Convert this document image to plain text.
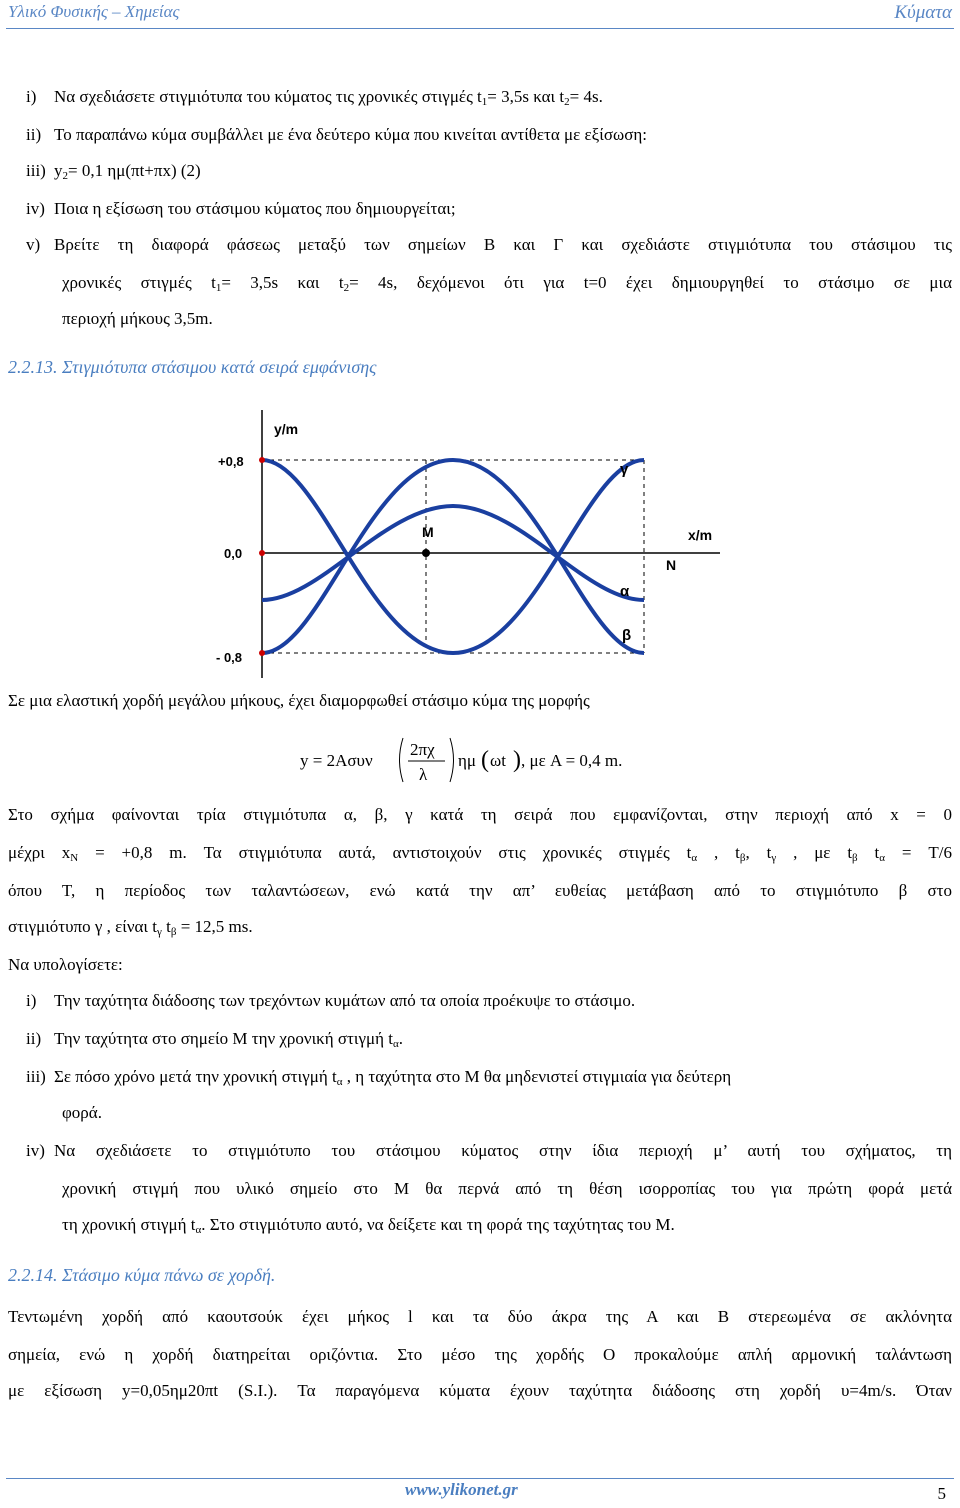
Υλικό Φυσικής – Χημείας	Κύματα
i) Να σχεδιάσετε στιγμιότυπα του κύματος τις χρονικές στιγμές $t_1= 3,5s$ και $t_2= 4s$.
ii) Το παραπάνω κύμα συμβάλλει με ένα δεύτερο κύμα που κινείται αντίθετα με εξίσωση:
iii) $y_2= 0,1$ ημ(πt+πx) (2)
iv) Ποια η εξίσωση του στάσιμου κύματος που δημιουργείται;
v) Βρείτε τη διαφορά φάσεως μεταξύ των σημείων Β και Γ και σχεδιάστε στιγμιότυπα του στάσιμου τις
χρονικές στιγμές $t_1= 3,5s$ και $t_2= 4s$, δεχόμενοι ότι για t=0 έχει δημιουργηθεί το στάσιμο σε μια
περιοχή μήκους 3,5m.
2.2.13. Στιγμιότυπα στάσιμου κατά σειρά εμφάνισης
y/m
x/m
+0,8
0,0
- 0,8
M
N
α
β
γ
Σε μια ελαστική χορδή μεγάλου μήκους, έχει διαμορφωθεί στάσιμο κύμα της μορφής
y = 2Aσυν
2πχ
λ
ημ ( ωt ) , με A = 0,4 m.
Στο σχήμα φαίνονται τρία στιγμιότυπα α, β, γ κατά τη σειρά που εμφανίζονται, στην περιοχή από x = 0
μέχρι $x_N = +0,8$ m. Τα στιγμιότυπα αυτά, αντιστοιχούν στις χρονικές στιγμές $t_\alpha$ , $t_\beta$, $t_\gamma$ , με $t_\beta$ $t_\alpha = T/6$
όπου Τ, η περίοδος των ταλαντώσεων, ενώ κατά την απ’ ευθείας μετάβαση από το στιγμιότυπο β στο
στιγμιότυπο γ , είναι $t_\gamma$ $t_\beta = 12,5$ ms.
Να υπολογίσετε:
i) Την ταχύτητα διάδοσης των τρεχόντων κυμάτων από τα οποία προέκυψε το στάσιμο.
ii) Την ταχύτητα στο σημείο Μ την χρονική στιγμή $t_\alpha$.
iii) Σε πόσο χρόνο μετά την χρονική στιγμή $t_\alpha$ , η ταχύτητα στο Μ θα μηδενιστεί στιγμιαία για δεύτερη
φορά.
iv) Να σχεδιάσετε το στιγμιότυπο του στάσιμου κύματος στην ίδια περιοχή μ’ αυτή του σχήματος, τη
χρονική στιγμή που υλικό σημείο στο Μ θα περνά από τη θέση ισορροπίας του για πρώτη φορά μετά
τη χρονική στιγμή $t_\alpha$. Στο στιγμιότυπο αυτό, να δείξετε και τη φορά της ταχύτητας του Μ.
2.2.14. Στάσιμο κύμα πάνω σε χορδή.
Τεντωμένη χορδή από καουτσούκ έχει μήκος l και τα δύο άκρα της Α και Β στερεωμένα σε ακλόνητα
σημεία, ενώ η χορδή διατηρείται οριζόντια. Στο μέσο της χορδής Ο προκαλούμε απλή αρμονική ταλάντωση
με εξίσωση y=0,05ημ20πt (S.I.). Τα παραγόμενα κύματα έχουν ταχύτητα διάδοσης στη χορδή υ=4m/s. Όταν
www.ylikonet.gr	5
